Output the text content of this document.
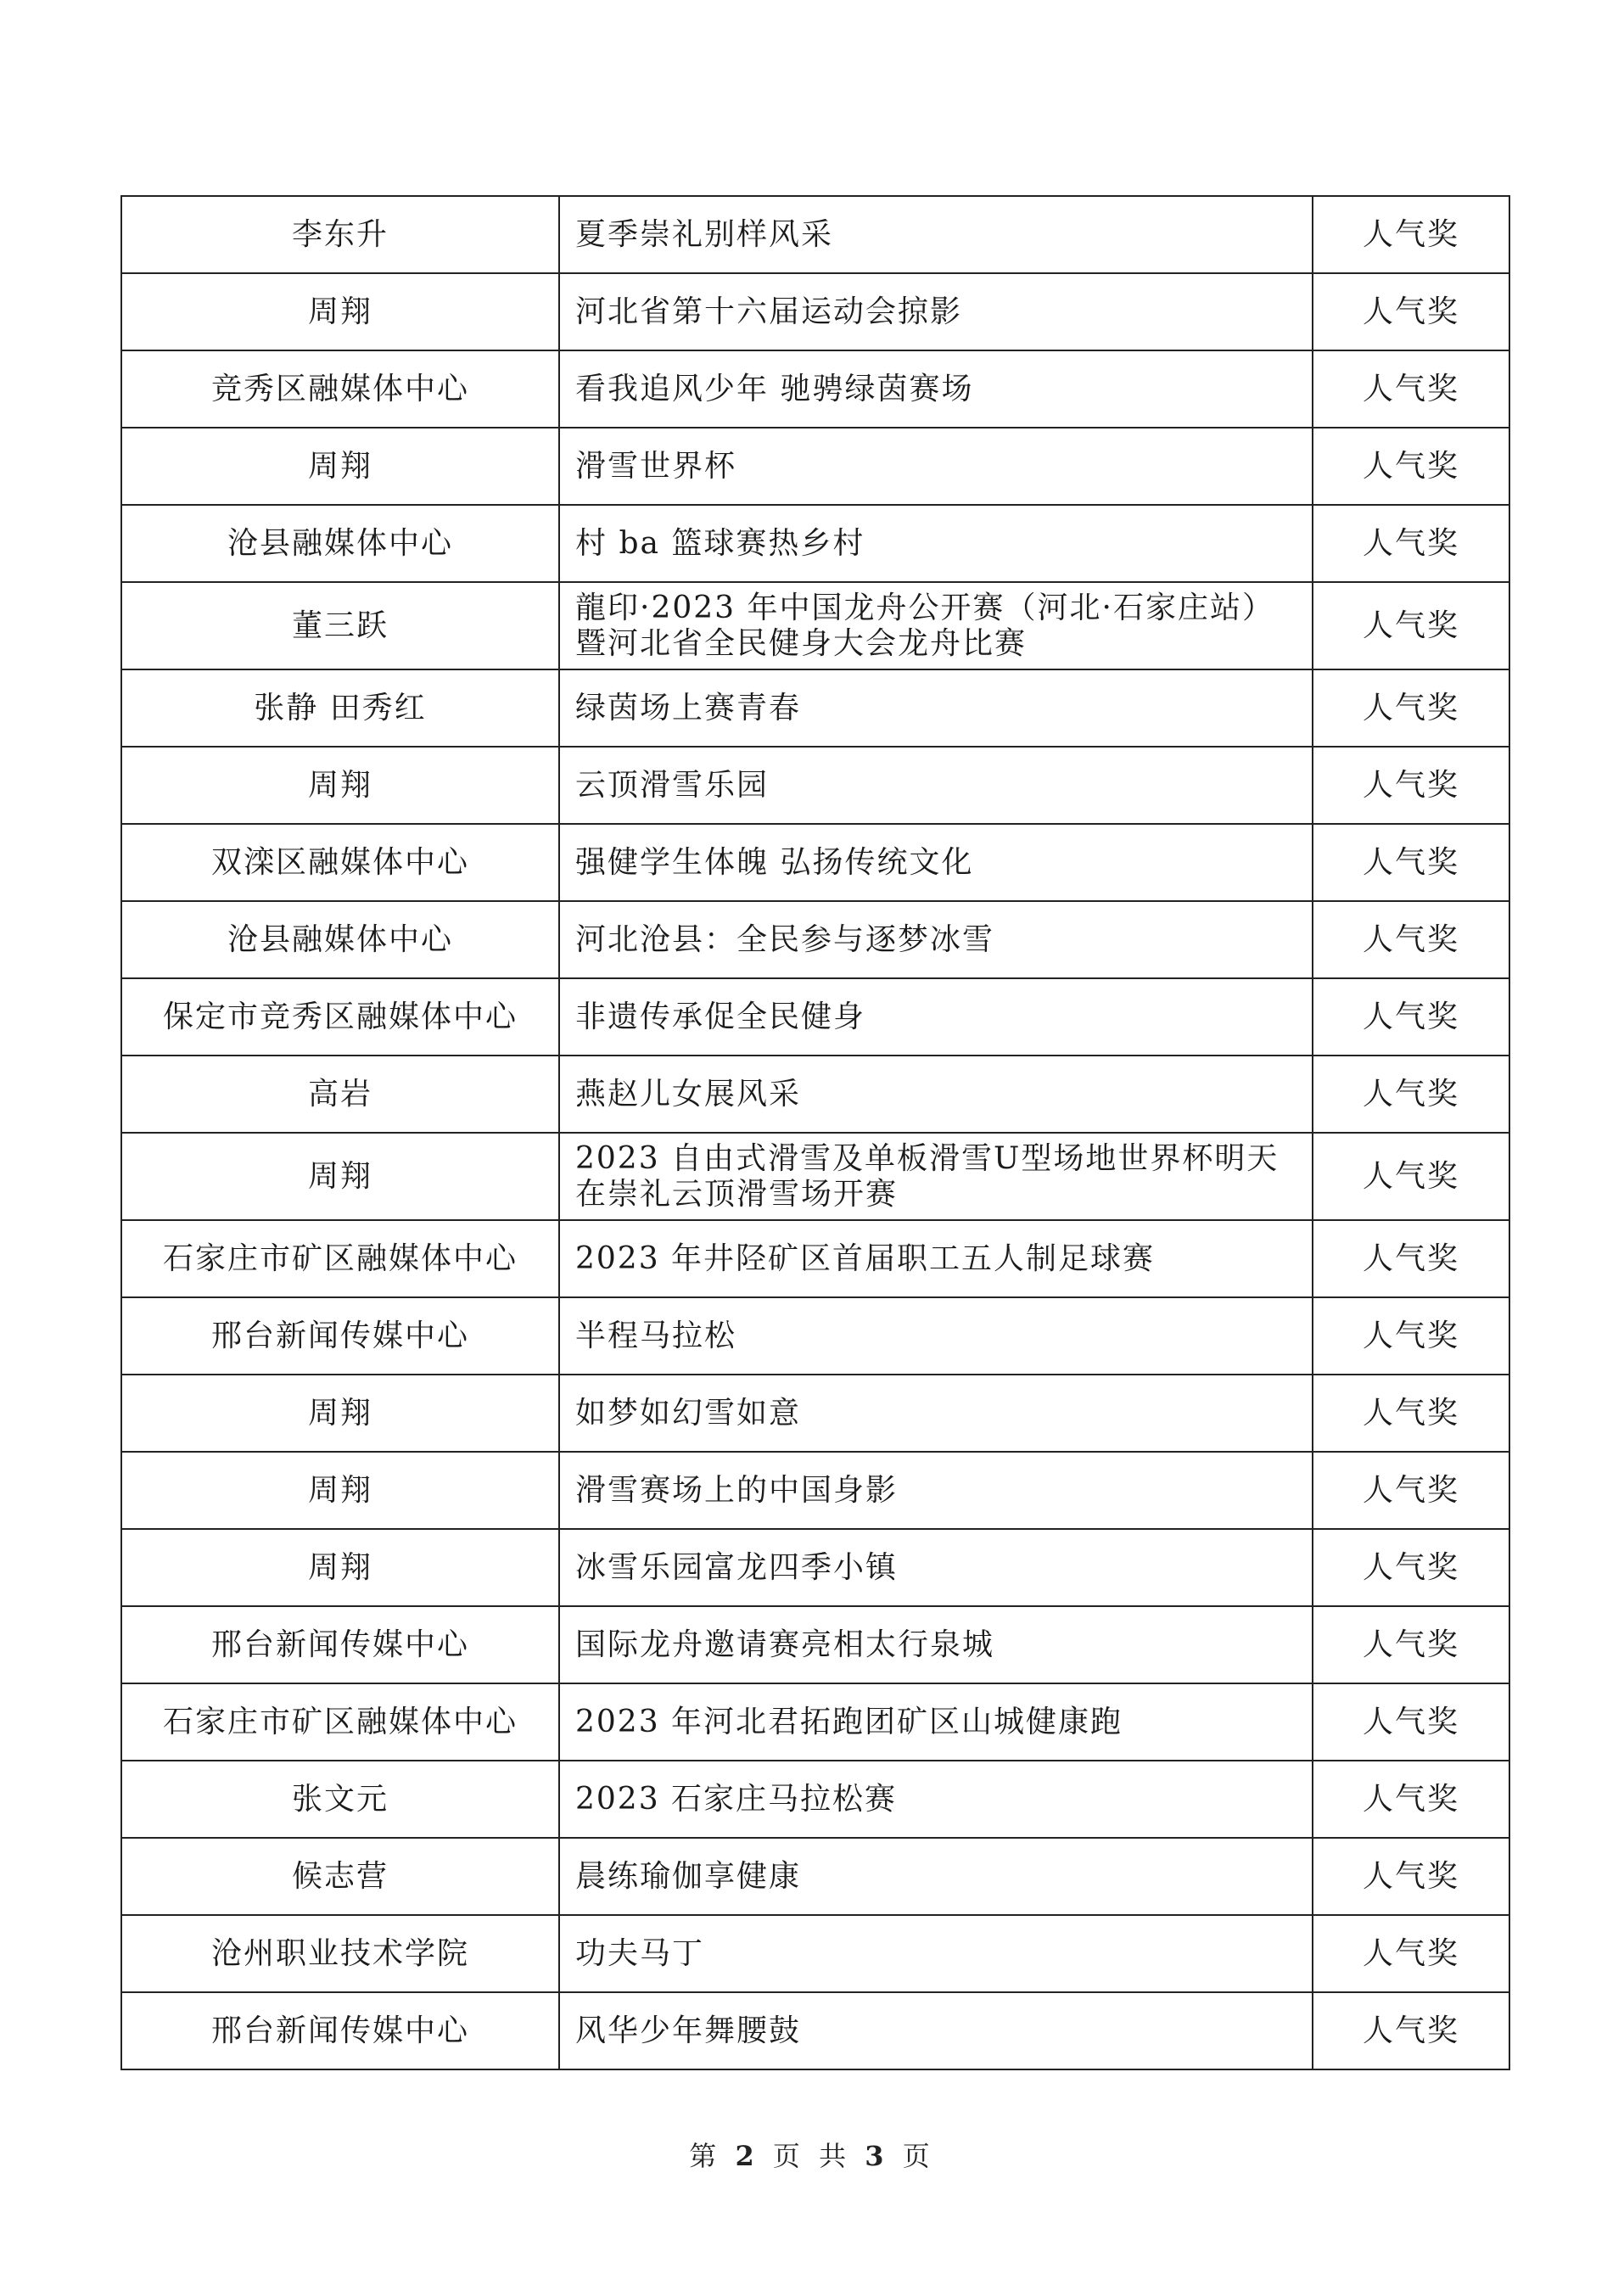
李东升	夏季崇礼别样风采	人气奖
周翔	河北省第十六届运动会掠影	人气奖
竞秀区融媒体中心	看我追风少年 驰骋绿茵赛场	人气奖
周翔	滑雪世界杯	人气奖
沧县融媒体中心	村 ba 篮球赛热乡村	人气奖
董三跃	龍印·2023 年中国龙舟公开赛（河北·石家庄站）暨河北省全民健身大会龙舟比赛	人气奖
张静 田秀红	绿茵场上赛青春	人气奖
周翔	云顶滑雪乐园	人气奖
双滦区融媒体中心	强健学生体魄 弘扬传统文化	人气奖
沧县融媒体中心	河北沧县：全民参与逐梦冰雪	人气奖
保定市竞秀区融媒体中心	非遗传承促全民健身	人气奖
高岩	燕赵儿女展风采	人气奖
周翔	2023 自由式滑雪及单板滑雪U型场地世界杯明天在崇礼云顶滑雪场开赛	人气奖
石家庄市矿区融媒体中心	2023 年井陉矿区首届职工五人制足球赛	人气奖
邢台新闻传媒中心	半程马拉松	人气奖
周翔	如梦如幻雪如意	人气奖
周翔	滑雪赛场上的中国身影	人气奖
周翔	冰雪乐园富龙四季小镇	人气奖
邢台新闻传媒中心	国际龙舟邀请赛亮相太行泉城	人气奖
石家庄市矿区融媒体中心	2023 年河北君拓跑团矿区山城健康跑	人气奖
张文元	2023 石家庄马拉松赛	人气奖
候志营	晨练瑜伽享健康	人气奖
沧州职业技术学院	功夫马丁	人气奖
邢台新闻传媒中心	风华少年舞腰鼓	人气奖
第 2 页 共 3 页
